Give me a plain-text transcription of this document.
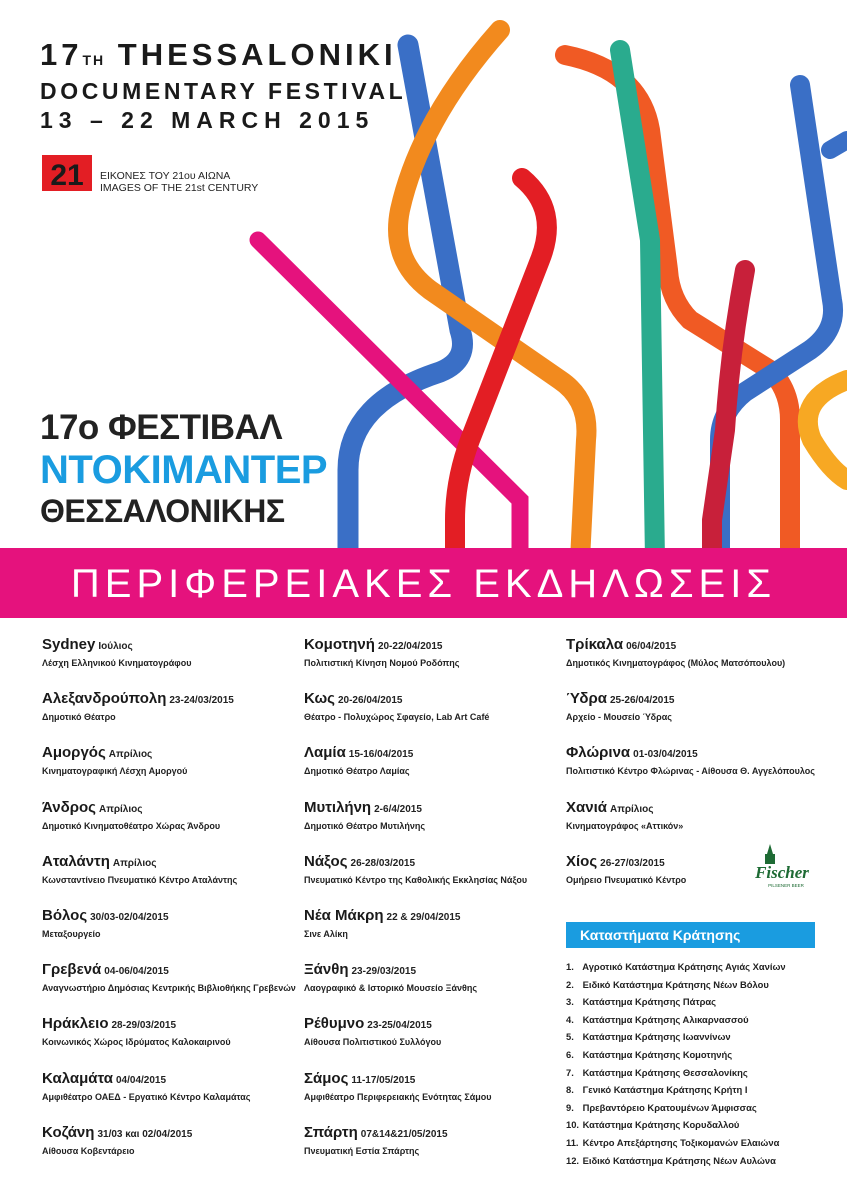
17TH THESSALONIKI
DOCUMENTARY FESTIVAL
13 – 22 MARCH 2015
21 ΕΙΚΟΝΕΣ ΤΟΥ 21ου ΑΙΩΝΑ
IMAGES OF THE 21st CENTURY
17ο ΦΕΣΤΙΒΑΛ
ΝΤΟΚΙΜΑΝΤΕΡ
ΘΕΣΣΑΛΟΝΙΚΗΣ
ΠΕΡΙΦΕΡΕΙΑΚΕΣ ΕΚΔΗΛΩΣΕΙΣ
Sydney Ιούλιος
Λέσχη Ελληνικού Κινηματογράφου
Αλεξανδρούπολη 23-24/03/2015
Δημοτικό Θέατρο
Αμοργός Απρίλιος
Κινηματογραφική Λέσχη Αμοργού
Άνδρος Απρίλιος
Δημοτικό Κινηματοθέατρο Χώρας Άνδρου
Αταλάντη Απρίλιος
Κωνσταντίνειο Πνευματικό Κέντρο Αταλάντης
Βόλος 30/03-02/04/2015
Μεταξουργείο
Γρεβενά 04-06/04/2015
Αναγνωστήριο Δημόσιας Κεντρικής Βιβλιοθήκης Γρεβενών
Ηράκλειο 28-29/03/2015
Κοινωνικός Χώρος Ιδρύματος Καλοκαιρινού
Καλαμάτα 04/04/2015
Αμφιθέατρο ΟΑΕΔ - Εργατικό Κέντρο Καλαμάτας
Κοζάνη 31/03 και 02/04/2015
Αίθουσα Κοβεντάρειο
Κομοτηνή 20-22/04/2015
Πολιτιστική Κίνηση Νομού Ροδόπης
Κως 20-26/04/2015
Θέατρο - Πολυχώρος Σφαγείο, Lab Art Café
Λαμία 15-16/04/2015
Δημοτικό Θέατρο Λαμίας
Μυτιλήνη 2-6/4/2015
Δημοτικό Θέατρο Μυτιλήνης
Νάξος 26-28/03/2015
Πνευματικό Κέντρο της Καθολικής Εκκλησίας Νάξου
Νέα Μάκρη 22 & 29/04/2015
Σινε Αλίκη
Ξάνθη 23-29/03/2015
Λαογραφικό & Ιστορικό Μουσείο Ξάνθης
Ρέθυμνο 23-25/04/2015
Αίθουσα Πολιτιστικού Συλλόγου
Σάμος 11-17/05/2015
Αμφιθέατρο Περιφερειακής Ενότητας Σάμου
Σπάρτη 07&14&21/05/2015
Πνευματική Εστία Σπάρτης
Τρίκαλα 06/04/2015
Δημοτικός Κινηματογράφος (Μύλος Ματσόπουλου)
Ύδρα 25-26/04/2015
Αρχείο - Μουσείο Ύδρας
Φλώρινα 01-03/04/2015
Πολιτιστικό Κέντρο Φλώρινας - Αίθουσα Θ. Αγγελόπουλος
Χανιά Απρίλιος
Κινηματογράφος «Αττικόν»
Χίος 26-27/03/2015
Ομήρειο Πνευματικό Κέντρο	Fischer
PILSENER BEER
Καταστήματα Κράτησης
1. Αγροτικό Κατάστημα Κράτησης Αγιάς Χανίων
2. Ειδικό Κατάστημα Κράτησης Νέων Βόλου
3. Κατάστημα Κράτησης Πάτρας
4. Κατάστημα Κράτησης Αλικαρνασσού
5. Κατάστημα Κράτησης Ιωαννίνων
6. Κατάστημα Κράτησης Κομοτηνής
7. Κατάστημα Κράτησης Θεσσαλονίκης
8. Γενικό Κατάστημα Κράτησης Κρήτη Ι
9. Πρεβαντόρειο Κρατουμένων Άμφισσας
10. Κατάστημα Κράτησης Κορυδαλλού
11. Κέντρο Απεξάρτησης Τοξικομανών Ελαιώνα
12. Ειδικό Κατάστημα Κράτησης Νέων Αυλώνα
